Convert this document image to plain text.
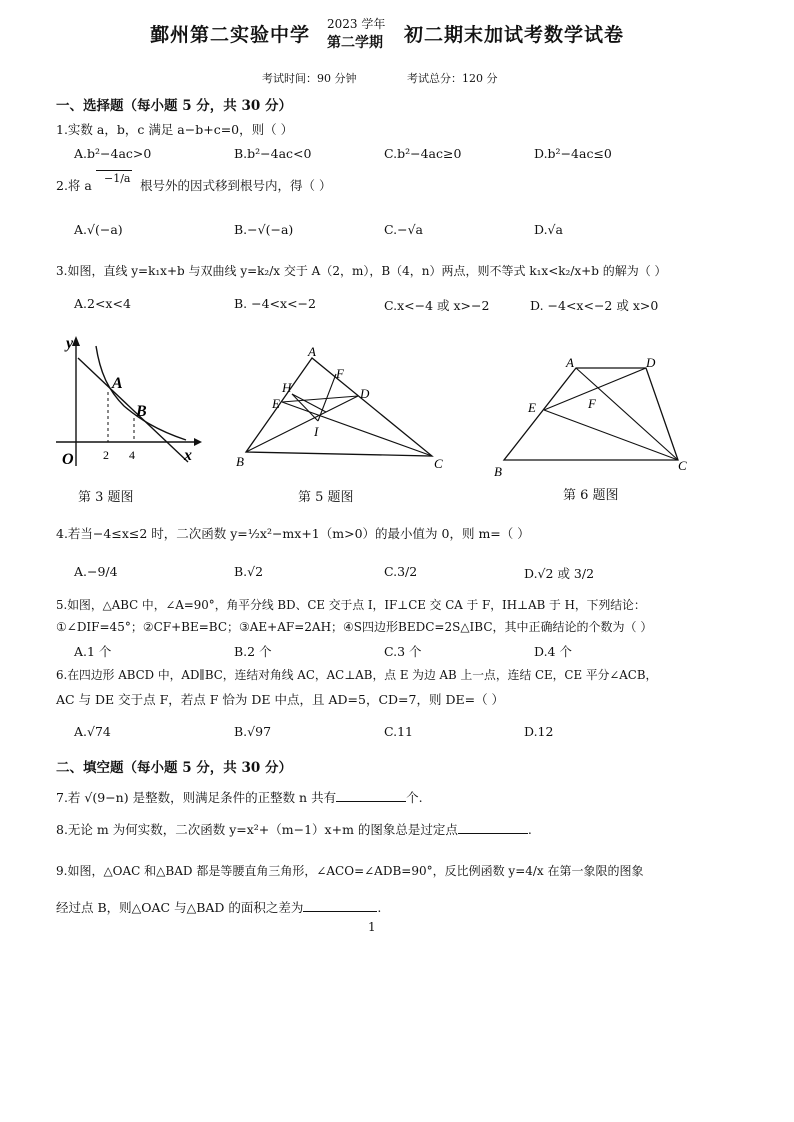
鄞州第二实验中学 2023 学年
第二学期 初二期末加试考数学试卷
考试时间：90 分钟	考试总分：120 分
一、选择题（每小题 5 分，共 30 分）
1.实数 a，b，c 满足 a−b+c=0，则（ ）
A.b²−4ac>0	B.b²−4ac<0	C.b²−4ac≥0	D.b²−4ac≤0
2.将 a	−1/a 根号外的因式移到根号内，得（ ）
A.√(−a)	B.−√(−a)	C.−√a	D.√a
3.如图，直线 y=k₁x+b 与双曲线 y=k₂/x 交于 A（2，m），B（4，n）两点，则不等式 k₁x<k₂/x+b 的解为（ ）
A.2<x<4	B. −4<x<−2	C.x<−4 或 x>−2	D. −4<x<−2 或 x>0
y
x
O
A
B
2 4
第 3 题图
A
B	C
D
E
F
H
I
第 5 题图
A
B	C
D
E	F
第 6 题图
4.若当−4≤x≤2 时，二次函数 y=½x²−mx+1（m>0）的最小值为 0，则 m=（ ）
A.−9/4	B.√2	C.3/2	D.√2 或 3/2
5.如图，△ABC 中，∠A=90°，角平分线 BD、CE 交于点 I，IF⊥CE 交 CA 于 F，IH⊥AB 于 H，下列结论：
①∠DIF=45°；②CF+BE=BC；③AE+AF=2AH；④S四边形BEDC=2S△IBC，其中正确结论的个数为（ ）
A.1 个	B.2 个	C.3 个	D.4 个
6.在四边形 ABCD 中，AD∥BC，连结对角线 AC，AC⊥AB，点 E 为边 AB 上一点，连结 CE，CE 平分∠ACB，
AC 与 DE 交于点 F，若点 F 恰为 DE 中点，且 AD=5，CD=7，则 DE=（ ）
A.√74	B.√97	C.11	D.12
二、填空题（每小题 5 分，共 30 分）
7.若 √(9−n) 是整数，则满足条件的正整数 n 共有	个.
8.无论 m 为何实数，二次函数 y=x²+（m−1）x+m 的图象总是过定点	.
9.如图，△OAC 和△BAD 都是等腰直角三角形，∠ACO=∠ADB=90°，反比例函数 y=4/x 在第一象限的图象
经过点 B，则△OAC 与△BAD 的面积之差为	.
1
